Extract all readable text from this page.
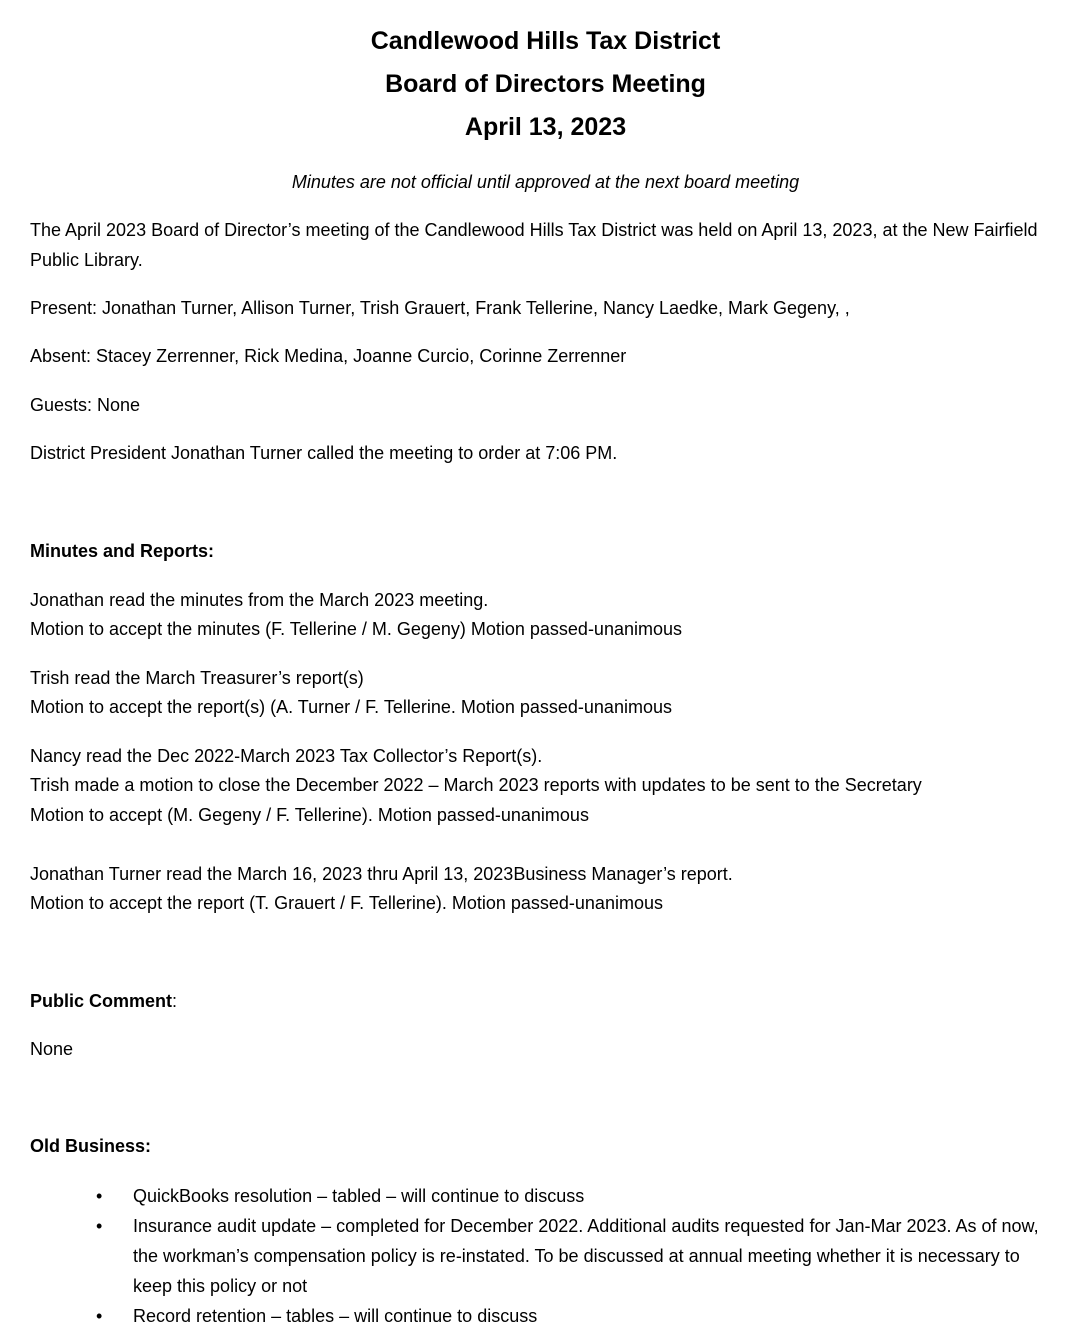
Candlewood Hills Tax District
Board of Directors Meeting
April 13, 2023
Minutes are not official until approved at the next board meeting
The April 2023 Board of Director’s meeting of the Candlewood Hills Tax District was held on April 13, 2023, at the New Fairfield Public Library.
Present: Jonathan Turner, Allison Turner, Trish Grauert, Frank Tellerine, Nancy Laedke, Mark Gegeny, ,
Absent: Stacey Zerrenner, Rick Medina, Joanne Curcio, Corinne Zerrenner
Guests: None
District President Jonathan Turner called the meeting to order at 7:06 PM.
Minutes and Reports:
Jonathan read the minutes from the March 2023 meeting.
Motion to accept the minutes (F. Tellerine / M. Gegeny) Motion passed-unanimous
Trish read the March Treasurer’s report(s)
Motion to accept the report(s) (A. Turner / F. Tellerine. Motion passed-unanimous
Nancy read the Dec 2022-March 2023 Tax Collector’s Report(s).
Trish made a motion to close the December 2022 – March 2023 reports with updates to be sent to the Secretary
Motion to accept (M. Gegeny / F. Tellerine). Motion passed-unanimous
Jonathan Turner read the March 16, 2023 thru April 13, 2023Business Manager’s report.
Motion to accept the report (T. Grauert / F. Tellerine). Motion passed-unanimous
Public Comment:
None
Old Business:
• QuickBooks resolution – tabled – will continue to discuss
• Insurance audit update – completed for December 2022. Additional audits requested for Jan-Mar 2023. As of now, the workman’s compensation policy is re-instated. To be discussed at annual meeting whether it is necessary to keep this policy or not
• Record retention – tables – will continue to discuss
